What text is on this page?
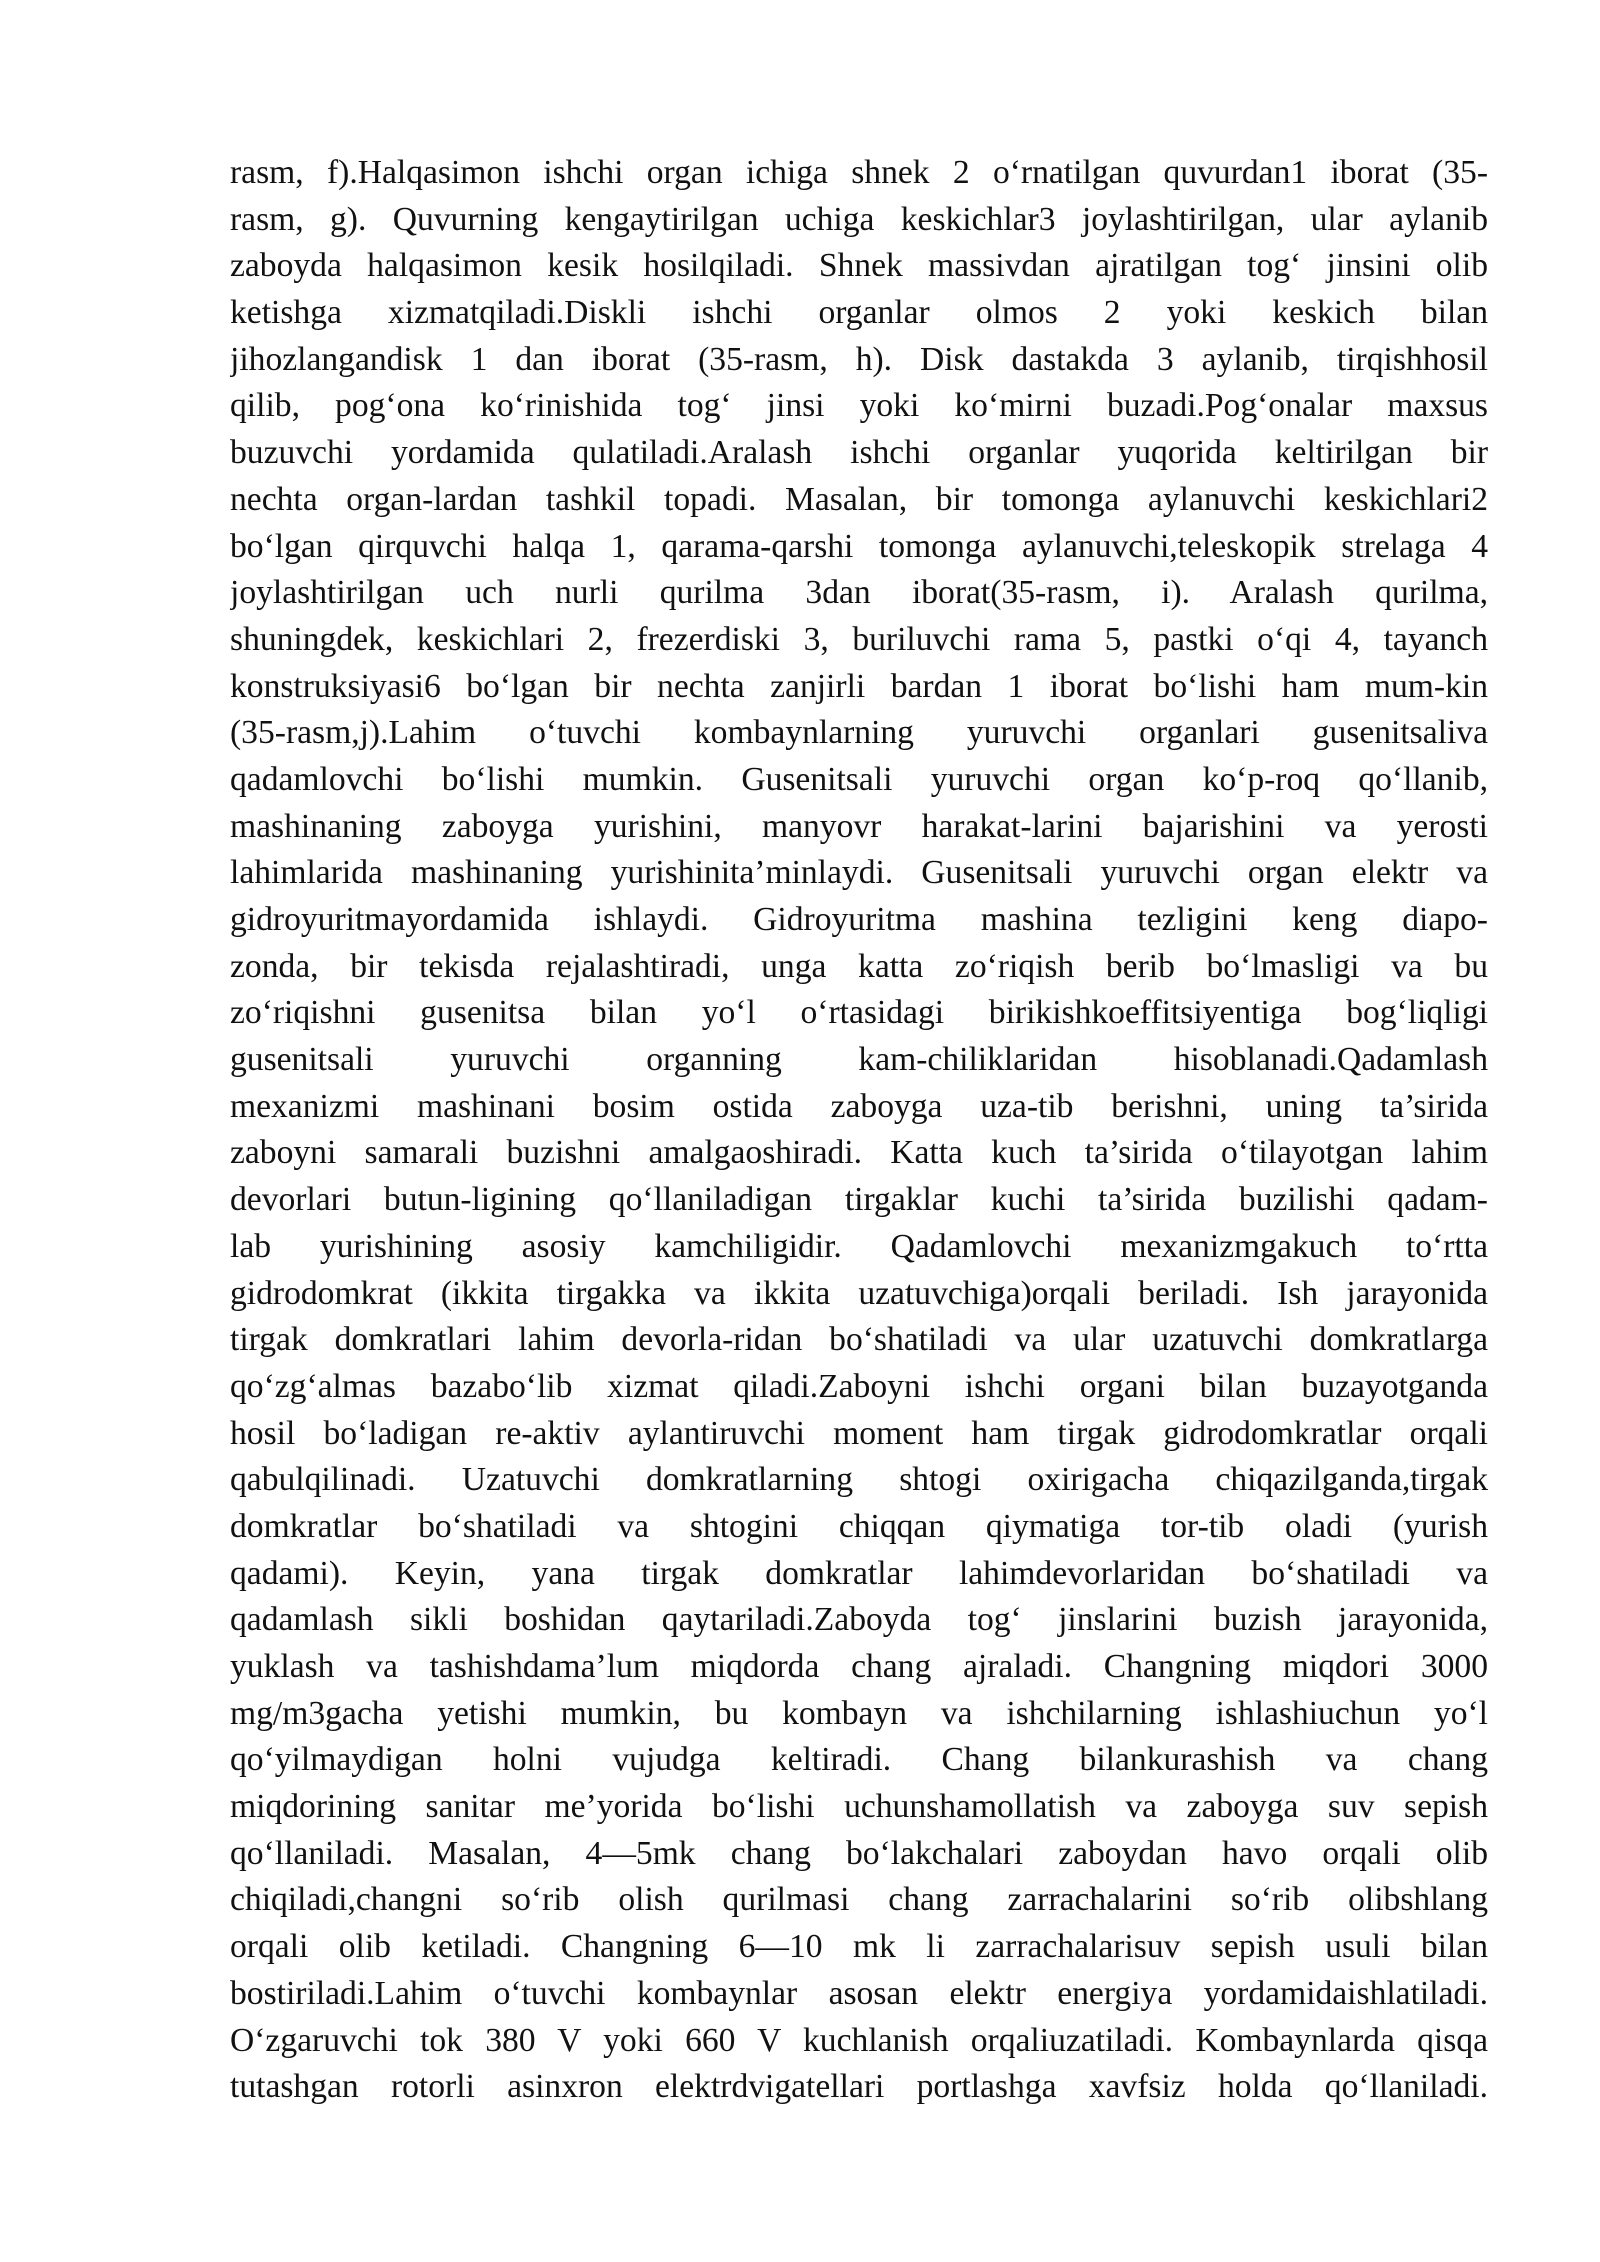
rasm, f).Halqasimon ishchi organ ichiga shnek 2 o‘rnatilgan quvurdan1 iborat (35-
rasm, g). Quvurning kengaytirilgan uchiga keskichlar3 joylashtirilgan, ular aylanib
zaboyda halqasimon kesik hosilqiladi. Shnek massivdan ajratilgan tog‘ jinsini olib
ketishga xizmatqiladi.Diskli ishchi organlar olmos 2 yoki keskich bilan
jihozlangandisk 1 dan iborat (35-rasm, h). Disk dastakda 3 aylanib, tirqishhosil
qilib, pog‘ona ko‘rinishida tog‘ jinsi yoki ko‘mirni buzadi.Pog‘onalar maxsus
buzuvchi yordamida qulatiladi.Aralash ishchi organlar yuqorida keltirilgan bir
nechta organ-lardan tashkil topadi. Masalan, bir tomonga aylanuvchi keskichlari2
bo‘lgan qirquvchi halqa 1, qarama-qarshi tomonga aylanuvchi,teleskopik strelaga 4
joylashtirilgan uch nurli qurilma 3dan iborat(35-rasm, i). Aralash qurilma,
shuningdek, keskichlari 2, frezerdiski 3, buriluvchi rama 5, pastki o‘qi 4, tayanch
konstruksiyasi6 bo‘lgan bir nechta zanjirli bardan 1 iborat bo‘lishi ham mum-kin
(35-rasm,j).Lahim o‘tuvchi kombaynlarning yuruvchi organlari gusenitsaliva
qadamlovchi bo‘lishi mumkin. Gusenitsali yuruvchi organ ko‘p-roq qo‘llanib,
mashinaning zaboyga yurishini, manyovr harakat-larini bajarishini va yerosti
lahimlarida mashinaning yurishinita’minlaydi. Gusenitsali yuruvchi organ elektr va
gidroyuritmayordamida ishlaydi. Gidroyuritma mashina tezligini keng diapo-
zonda, bir tekisda rejalashtiradi, unga katta zo‘riqish berib bo‘lmasligi va bu
zo‘riqishni gusenitsa bilan yo‘l o‘rtasidagi birikishkoeffitsiyentiga bog‘liqligi
gusenitsali yuruvchi organning kam-chiliklaridan hisoblanadi.Qadamlash
mexanizmi mashinani bosim ostida zaboyga uza-tib berishni, uning ta’sirida
zaboyni samarali buzishni amalgaoshiradi. Katta kuch ta’sirida o‘tilayotgan lahim
devorlari butun-ligining qo‘llaniladigan tirgaklar kuchi ta’sirida buzilishi qadam-
lab yurishining asosiy kamchiligidir. Qadamlovchi mexanizmgakuch to‘rtta
gidrodomkrat (ikkita tirgakka va ikkita uzatuvchiga)orqali beriladi. Ish jarayonida
tirgak domkratlari lahim devorla-ridan bo‘shatiladi va ular uzatuvchi domkratlarga
qo‘zg‘almas bazabo‘lib xizmat qiladi.Zaboyni ishchi organi bilan buzayotganda
hosil bo‘ladigan re-aktiv aylantiruvchi moment ham tirgak gidrodomkratlar orqali
qabulqilinadi. Uzatuvchi domkratlarning shtogi oxirigacha chiqazilganda,tirgak
domkratlar bo‘shatiladi va shtogini chiqqan qiymatiga tor-tib oladi (yurish
qadami). Keyin, yana tirgak domkratlar lahimdevorlaridan bo‘shatiladi va
qadamlash sikli boshidan qaytariladi.Zaboyda tog‘ jinslarini buzish jarayonida,
yuklash va tashishdama’lum miqdorda chang ajraladi. Changning miqdori 3000
mg/m3gacha yetishi mumkin, bu kombayn va ishchilarning ishlashiuchun yo‘l
qo‘yilmaydigan holni vujudga keltiradi. Chang bilankurashish va chang
miqdorining sanitar me’yorida bo‘lishi uchunshamollatish va zaboyga suv sepish
qo‘llaniladi. Masalan, 4—5mk chang bo‘lakchalari zaboydan havo orqali olib
chiqiladi,changni so‘rib olish qurilmasi chang zarrachalarini so‘rib olibshlang
orqali olib ketiladi. Changning 6—10 mk li zarrachalarisuv sepish usuli bilan
bostiriladi.Lahim o‘tuvchi kombaynlar asosan elektr energiya yordamidaishlatiladi.
O‘zgaruvchi tok 380 V yoki 660 V kuchlanish orqaliuzatiladi. Kombaynlarda qisqa
tutashgan rotorli asinxron elektrdvigatellari portlashga xavfsiz holda qo‘llaniladi.
